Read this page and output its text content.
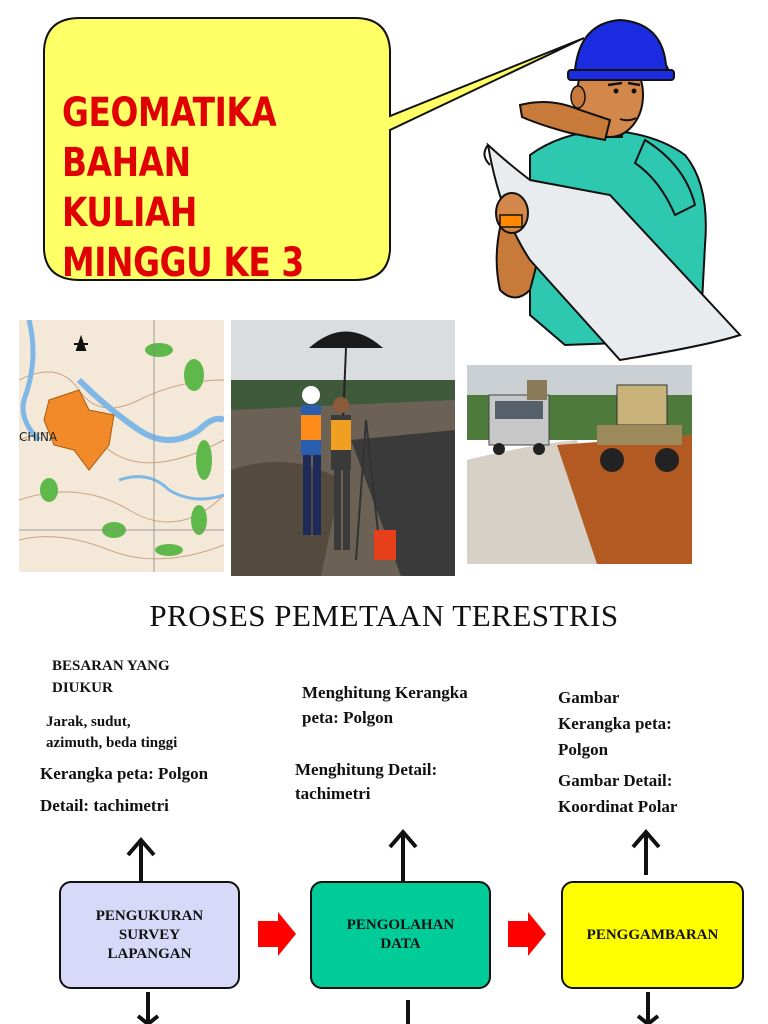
GEOMATIKA
BAHAN KULIAH
MINGGU KE 3
CHINA
PROSES PEMETAAN TERESTRIS
BESARAN YANG
DIUKUR
Jarak, sudut,
azimuth, beda tinggi
Kerangka peta: Polgon
Detail: tachimetri
Menghitung Kerangka
peta: Polgon
Menghitung Detail:
tachimetri
Gambar
Kerangka peta:
Polgon
Gambar Detail:
Koordinat Polar
PENGUKURAN
SURVEY
LAPANGAN
PENGOLAHAN
DATA
PENGGAMBARAN
